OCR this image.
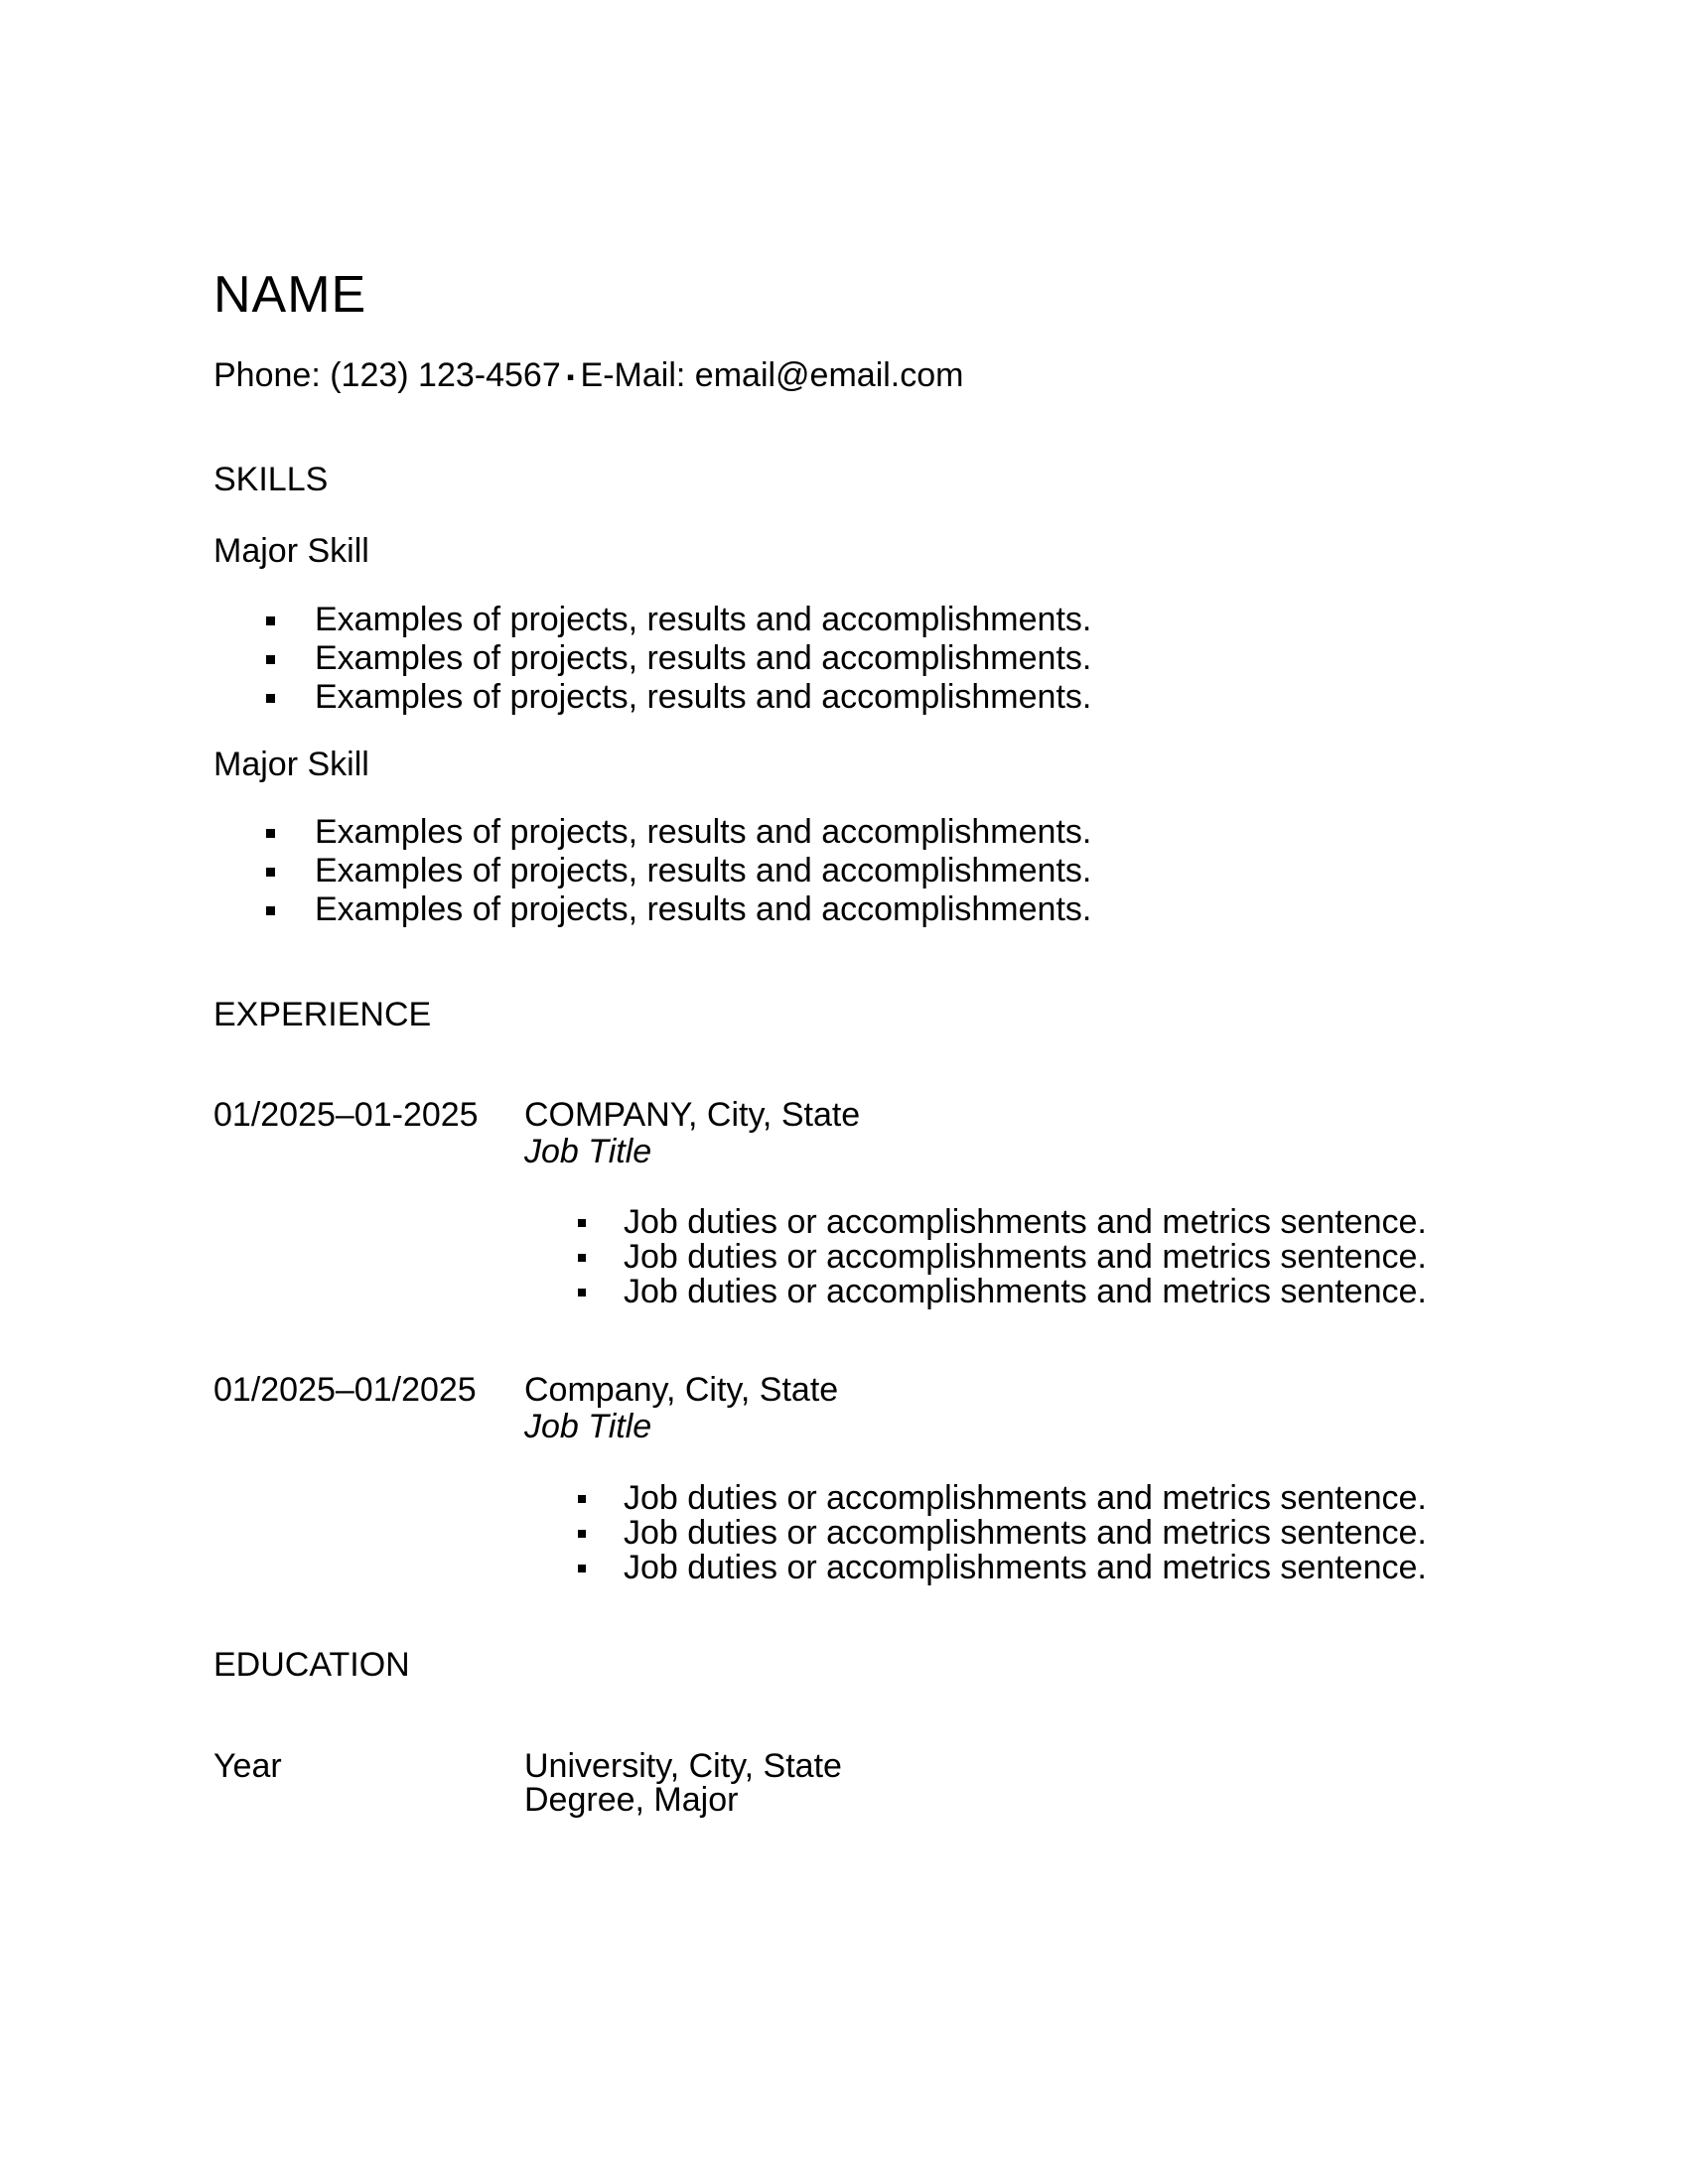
NAME

Phone: (123) 123-4567 ▪ E-Mail: email@email.com

SKILLS
Major Skill
Examples of projects, results and accomplishments.
Examples of projects, results and accomplishments.
Examples of projects, results and accomplishments.
Major Skill
Examples of projects, results and accomplishments.
Examples of projects, results and accomplishments.
Examples of projects, results and accomplishments.
EXPERIENCE
01/2025–01-2025	COMPANY, City, State
Job Title
Job duties or accomplishments and metrics sentence.
Job duties or accomplishments and metrics sentence.
Job duties or accomplishments and metrics sentence.
01/2025–01/2025	Company, City, State
Job Title
Job duties or accomplishments and metrics sentence.
Job duties or accomplishments and metrics sentence.
Job duties or accomplishments and metrics sentence.
EDUCATION
Year	University, City, State
Degree, Major
